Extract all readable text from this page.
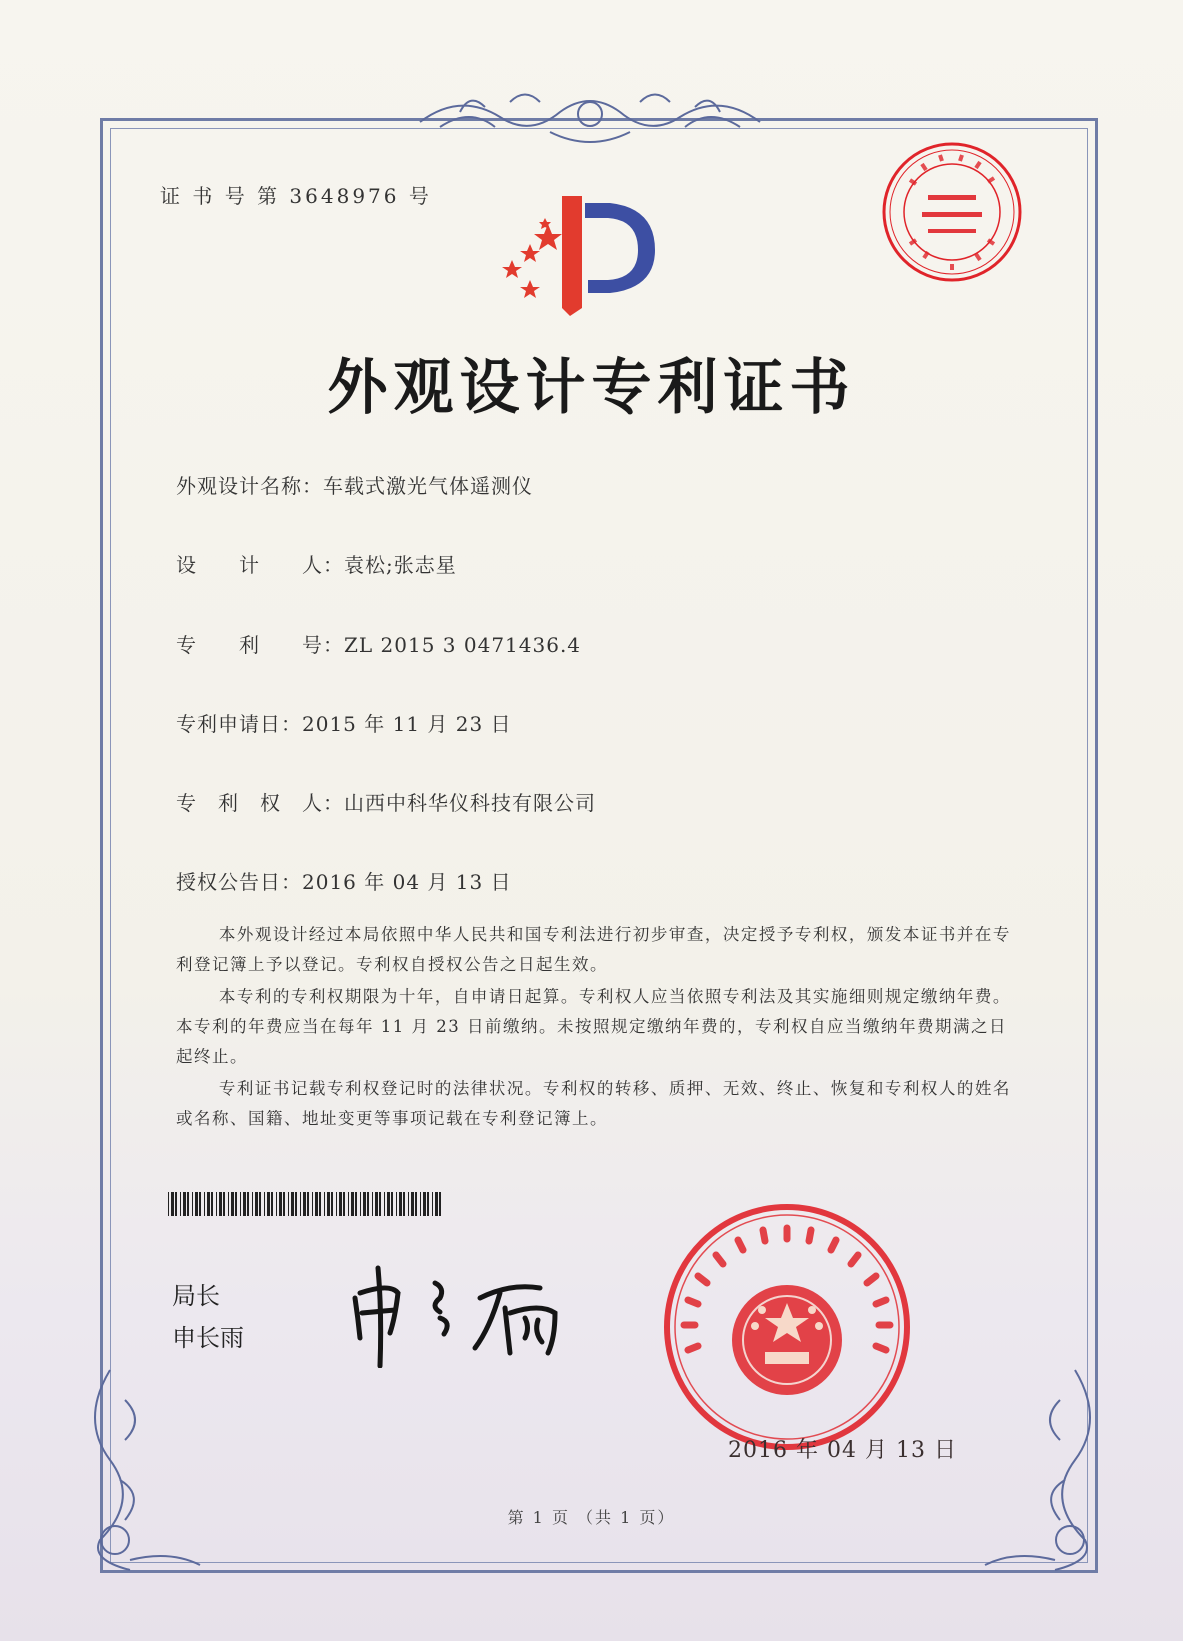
证 书 号 第 3648976 号
外观设计专利证书
外观设计名称：车载式激光气体遥测仪
设　　计　　人：袁松;张志星
专　　利　　号：ZL 2015 3 0471436.4
专利申请日：2015 年 11 月 23 日
专　利　权　人：山西中科华仪科技有限公司
授权公告日：2016 年 04 月 13 日
本外观设计经过本局依照中华人民共和国专利法进行初步审查，决定授予专利权，颁发本证书并在专利登记簿上予以登记。专利权自授权公告之日起生效。
本专利的专利权期限为十年，自申请日起算。专利权人应当依照专利法及其实施细则规定缴纳年费。本专利的年费应当在每年 11 月 23 日前缴纳。未按照规定缴纳年费的，专利权自应当缴纳年费期满之日起终止。
专利证书记载专利权登记时的法律状况。专利权的转移、质押、无效、终止、恢复和专利权人的姓名或名称、国籍、地址变更等事项记载在专利登记簿上。
局长
申长雨
2016 年 04 月 13 日
第 1 页 （共 1 页）
